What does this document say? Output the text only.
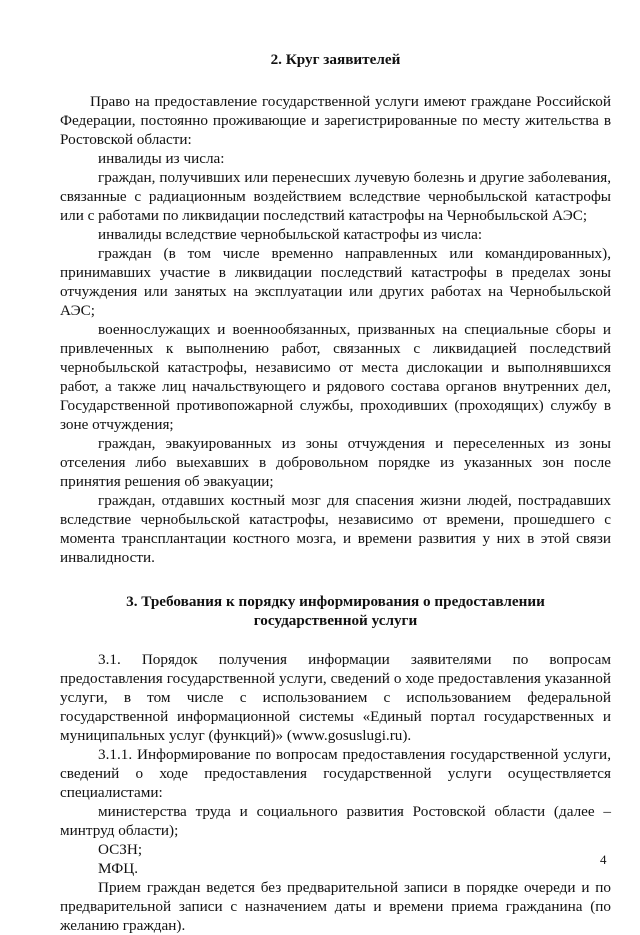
2. Круг заявителей

Право на предоставление государственной услуги имеют граждане Российской Федерации, постоянно проживающие и зарегистрированные по месту жительства в Ростовской области:

инвалиды из числа:

граждан, получивших или перенесших лучевую болезнь и другие заболевания, связанные с радиационным воздействием вследствие чернобыльской катастрофы или с работами по ликвидации последствий катастрофы на Чернобыльской АЭС;

инвалиды вследствие чернобыльской катастрофы из числа:

граждан (в том числе временно направленных или командированных), принимавших участие в ликвидации последствий катастрофы в пределах зоны отчуждения или занятых на эксплуатации или других работах на Чернобыльской АЭС;

военнослужащих и военнообязанных, призванных на специальные сборы и привлеченных к выполнению работ, связанных с ликвидацией последствий чернобыльской катастрофы, независимо от места дислокации и выполнявшихся работ, а также лиц начальствующего и рядового состава органов внутренних дел, Государственной противопожарной службы, проходивших (проходящих) службу в зоне отчуждения;

граждан, эвакуированных из зоны отчуждения и переселенных из зоны отселения либо выехавших в добровольном порядке из указанных зон после принятия решения об эвакуации;

граждан, отдавших костный мозг для спасения жизни людей, пострадавших вследствие чернобыльской катастрофы, независимо от времени, прошедшего с момента трансплантации костного мозга, и времени развития у них в этой связи инвалидности.

3. Требования к порядку информирования о предоставлении
государственной услуги

3.1. Порядок получения информации заявителями по вопросам предоставления государственной услуги, сведений о ходе предоставления указанной услуги, в том числе с использованием с использованием федеральной государственной информационной системы «Единый портал государственных и муниципальных услуг (функций)» (www.gosuslugi.ru).

3.1.1. Информирование по вопросам предоставления государственной услуги, сведений о ходе предоставления государственной услуги осуществляется специалистами:

министерства труда и социального развития Ростовской области (далее – минтруд области);

ОСЗН;

МФЦ.

Прием граждан ведется без предварительной записи в порядке очереди и по предварительной записи с назначением даты и времени приема гражданина (по желанию граждан).

4
